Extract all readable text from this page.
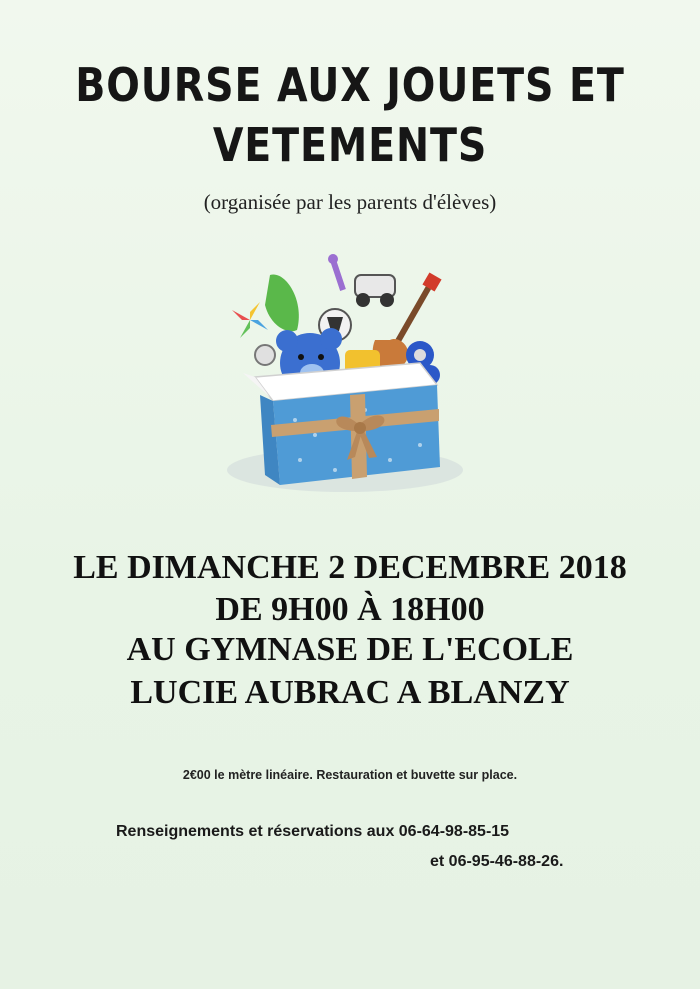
BOURSE AUX JOUETS ET
VETEMENTS
(organisée par les parents d'élèves)
LE DIMANCHE 2 DECEMBRE 2018
DE 9H00 À 18H00
AU GYMNASE DE L'ECOLE
LUCIE AUBRAC A BLANZY
2€00 le mètre linéaire. Restauration et buvette sur place.
Renseignements et réservations aux 06-64-98-85-15
et 06-95-46-88-26.
